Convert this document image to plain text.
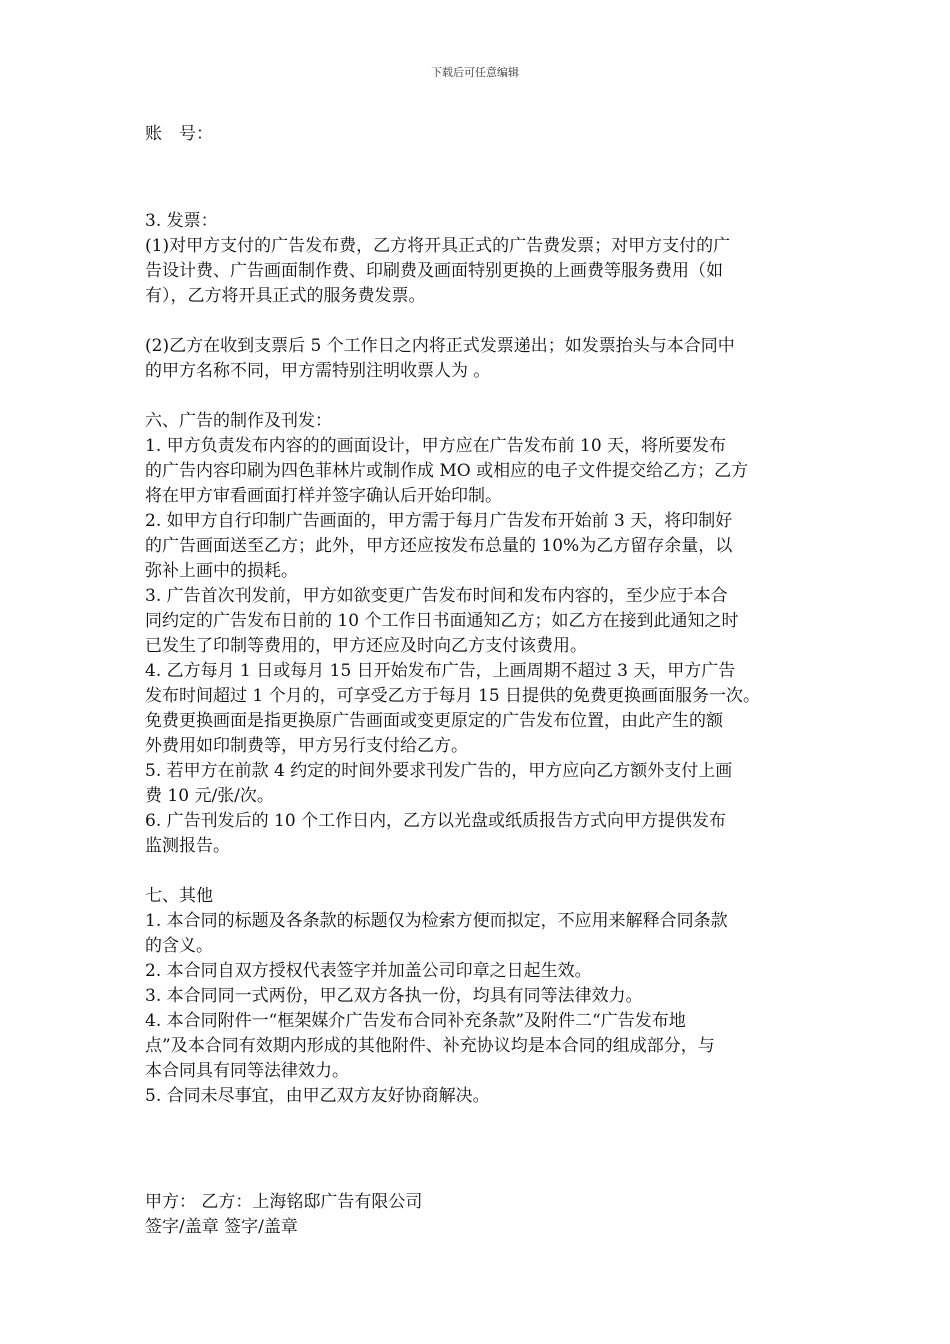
下载后可任意编辑
账　号：
3. 发票：
(1)对甲方支付的广告发布费，乙方将开具正式的广告费发票；对甲方支付的广
告设计费、广告画面制作费、印刷费及画面特别更换的上画费等服务费用（如
有），乙方将开具正式的服务费发票。
(2)乙方在收到支票后 5 个工作日之内将正式发票递出；如发票抬头与本合同中
的甲方名称不同，甲方需特别注明收票人为 。
六、广告的制作及刊发：
1. 甲方负责发布内容的的画面设计，甲方应在广告发布前 10 天，将所要发布
的广告内容印刷为四色菲林片或制作成 MO 或相应的电子文件提交给乙方；乙方
将在甲方审看画面打样并签字确认后开始印制。
2. 如甲方自行印制广告画面的，甲方需于每月广告发布开始前 3 天，将印制好
的广告画面送至乙方；此外，甲方还应按发布总量的 10%为乙方留存余量，以
弥补上画中的损耗。
3. 广告首次刊发前，甲方如欲变更广告发布时间和发布内容的，至少应于本合
同约定的广告发布日前的 10 个工作日书面通知乙方；如乙方在接到此通知之时
已发生了印制等费用的，甲方还应及时向乙方支付该费用。
4. 乙方每月 1 日或每月 15 日开始发布广告，上画周期不超过 3 天，甲方广告
发布时间超过 1 个月的，可享受乙方于每月 15 日提供的免费更换画面服务一次。
免费更换画面是指更换原广告画面或变更原定的广告发布位置，由此产生的额
外费用如印制费等，甲方另行支付给乙方。
5. 若甲方在前款 4 约定的时间外要求刊发广告的，甲方应向乙方额外支付上画
费 10 元/张/次。
6. 广告刊发后的 10 个工作日内，乙方以光盘或纸质报告方式向甲方提供发布
监测报告。
七、其他
1. 本合同的标题及各条款的标题仅为检索方便而拟定，不应用来解释合同条款
的含义。
2. 本合同自双方授权代表签字并加盖公司印章之日起生效。
3. 本合同同一式两份，甲乙双方各执一份，均具有同等法律效力。
4. 本合同附件一“框架媒介广告发布合同补充条款”及附件二“广告发布地
点”及本合同有效期内形成的其他附件、补充协议均是本合同的组成部分，与
本合同具有同等法律效力。
5. 合同未尽事宜，由甲乙双方友好协商解决。
甲方： 乙方：上海铭邸广告有限公司
签字/盖章 签字/盖章
